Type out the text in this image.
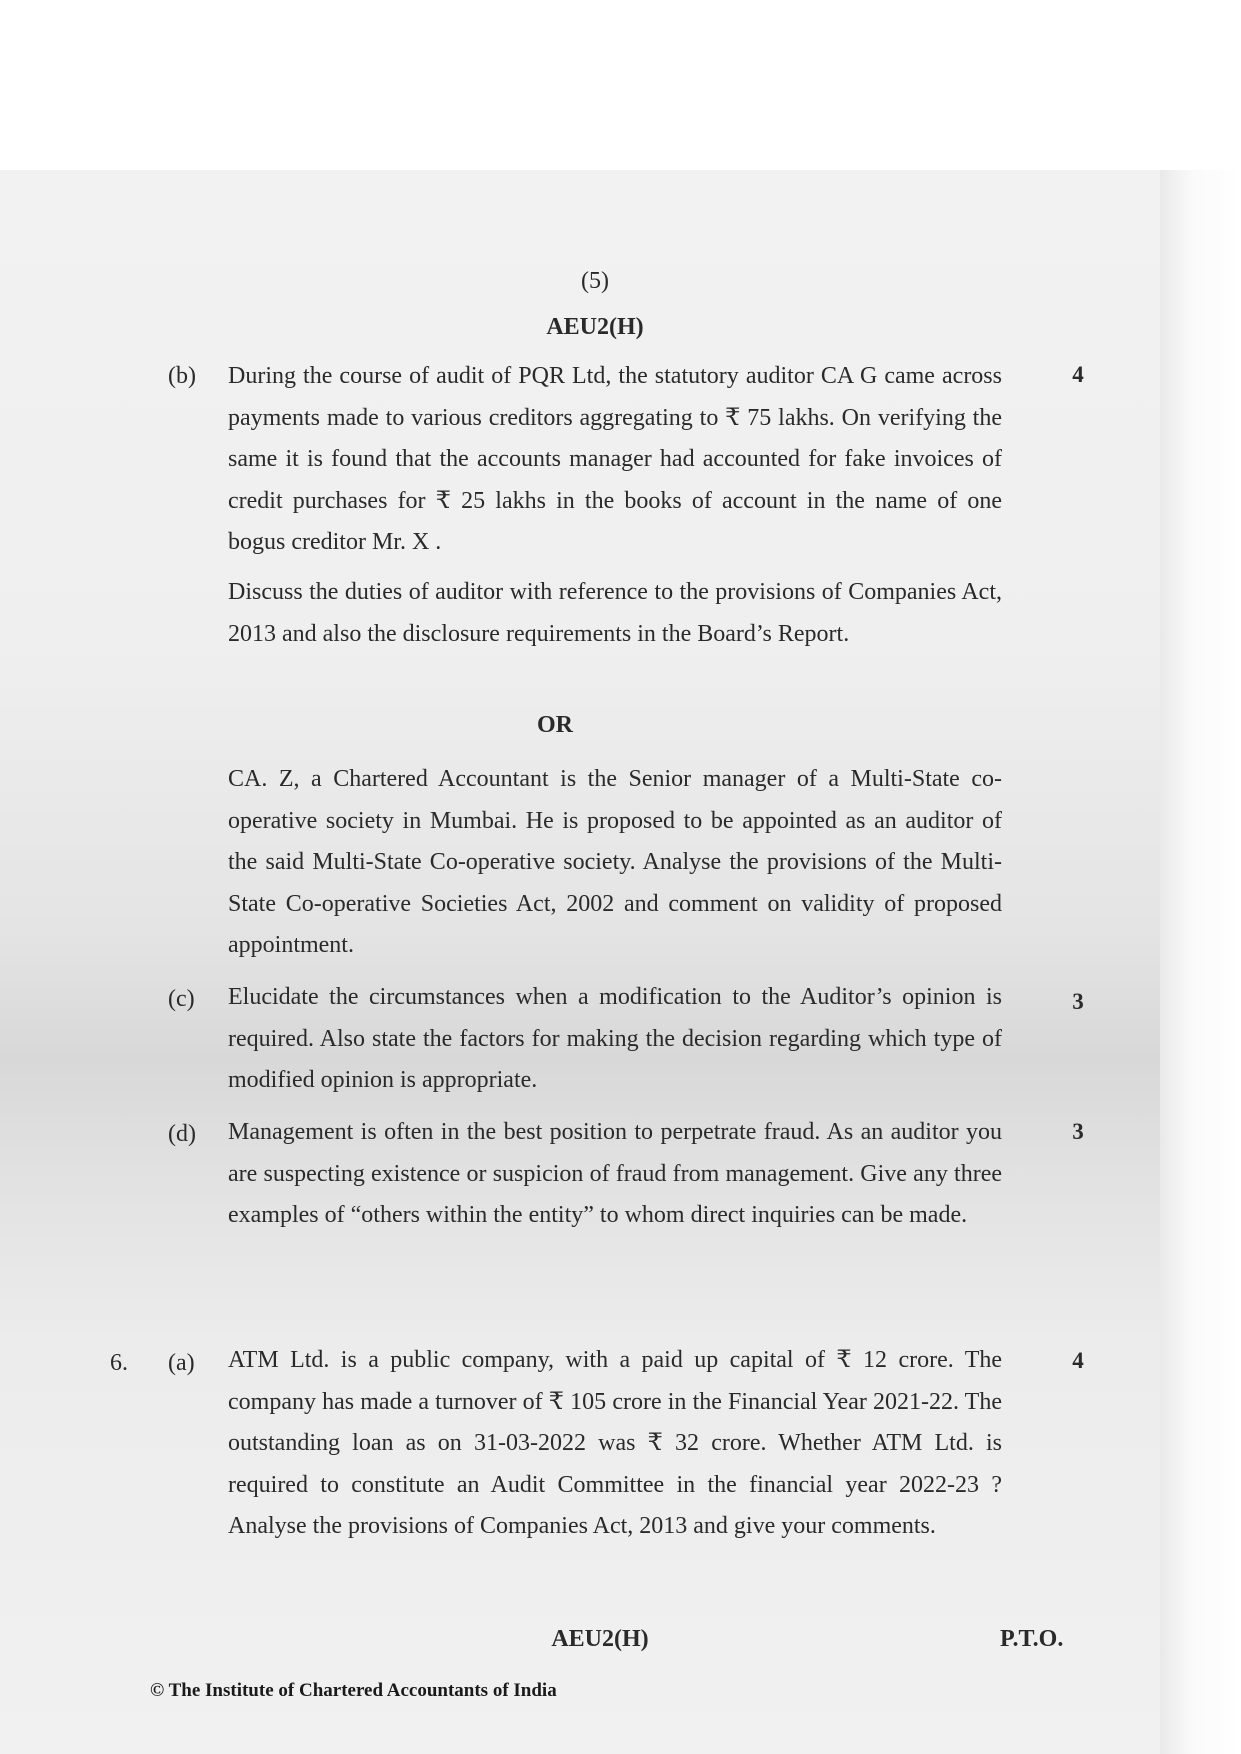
(5)
AEU2(H)
(b)	4
During the course of audit of PQR Ltd, the statutory auditor CA G came across payments made to various creditors aggregating to ₹ 75 lakhs. On verifying the same it is found that the accounts manager had accounted for fake invoices of credit purchases for ₹ 25 lakhs in the books of account in the name of one bogus creditor Mr. X .
Discuss the duties of auditor with reference to the provisions of Companies Act, 2013 and also the disclosure requirements in the Board’s Report.
OR
CA. Z, a Chartered Accountant is the Senior manager of a Multi-State co-operative society in Mumbai. He is proposed to be appointed as an auditor of the said Multi-State Co-operative society. Analyse the provisions of the Multi-State Co-operative Societies Act, 2002 and comment on validity of proposed appointment.
(c)	3
Elucidate the circumstances when a modification to the Auditor’s opinion is required. Also state the factors for making the decision regarding which type of modified opinion is appropriate.
(d)	3
Management is often in the best position to perpetrate fraud. As an auditor you are suspecting existence or suspicion of fraud from management. Give any three examples of “others within the entity” to whom direct inquiries can be made.
6. (a)	4
ATM Ltd. is a public company, with a paid up capital of ₹ 12 crore. The company has made a turnover of ₹ 105 crore in the Financial Year 2021-22. The outstanding loan as on 31-03-2022 was ₹ 32 crore. Whether ATM Ltd. is required to constitute an Audit Committee in the financial year 2022-23 ? Analyse the provisions of Companies Act, 2013 and give your comments.
AEU2(H)	P.T.O.
© The Institute of Chartered Accountants of India
